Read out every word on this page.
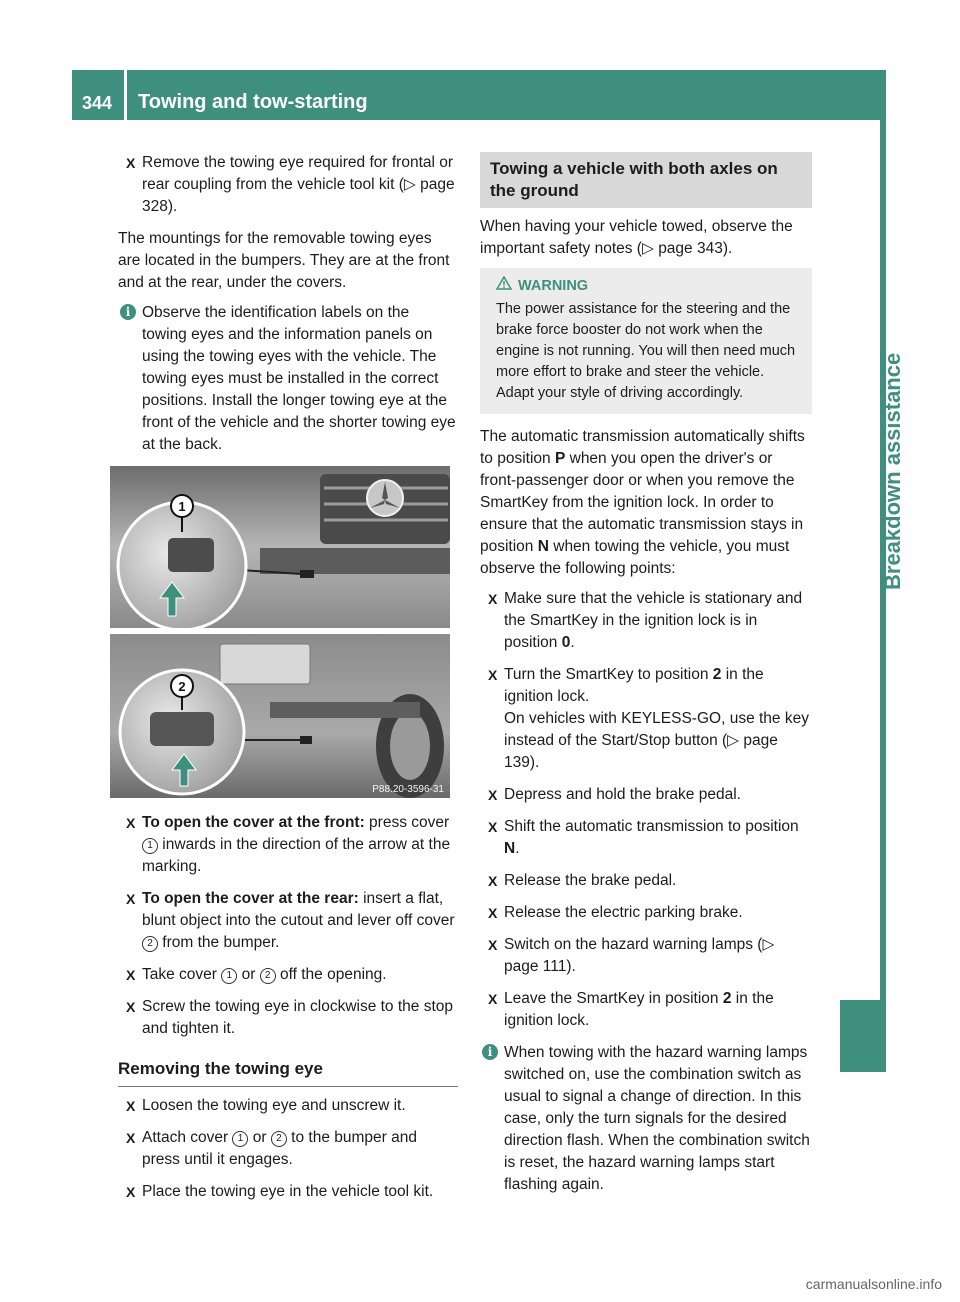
344	Towing and tow-starting
Breakdown assistance
X Remove the towing eye required for frontal or rear coupling from the vehicle tool kit (▷ page 328).

The mountings for the removable towing eyes are located in the bumpers. They are at the front and at the rear, under the covers.

i Observe the identification labels on the towing eyes and the information panels on using the towing eyes with the vehicle. The towing eyes must be installed in the correct positions. Install the longer towing eye at the front of the vehicle and the shorter towing eye at the back.
1
2
P88.20-3596-31
X To open the cover at the front: press cover 1 inwards in the direction of the arrow at the marking.
X To open the cover at the rear: insert a flat, blunt object into the cutout and lever off cover 2 from the bumper.
X Take cover 1 or 2 off the opening.
X Screw the towing eye in clockwise to the stop and tighten it.
Removing the towing eye
X Loosen the towing eye and unscrew it.
X Attach cover 1 or 2 to the bumper and press until it engages.
X Place the towing eye in the vehicle tool kit.
Towing a vehicle with both axles on the ground

When having your vehicle towed, observe the important safety notes (▷ page 343).

WARNING
The power assistance for the steering and the brake force booster do not work when the engine is not running. You will then need much more effort to brake and steer the vehicle. Adapt your style of driving accordingly.

The automatic transmission automatically shifts to position P when you open the driver's or front-passenger door or when you remove the SmartKey from the ignition lock. In order to ensure that the automatic transmission stays in position N when towing the vehicle, you must observe the following points:

X Make sure that the vehicle is stationary and the SmartKey in the ignition lock is in position 0.
X Turn the SmartKey to position 2 in the ignition lock.
On vehicles with KEYLESS-GO, use the key instead of the Start/Stop button (▷ page 139).
X Depress and hold the brake pedal.
X Shift the automatic transmission to position N.
X Release the brake pedal.
X Release the electric parking brake.
X Switch on the hazard warning lamps (▷ page 111).
X Leave the SmartKey in position 2 in the ignition lock.
i When towing with the hazard warning lamps switched on, use the combination switch as usual to signal a change of direction. In this case, only the turn signals for the desired direction flash. When the combination switch is reset, the hazard warning lamps start flashing again.
carmanualsonline.info
